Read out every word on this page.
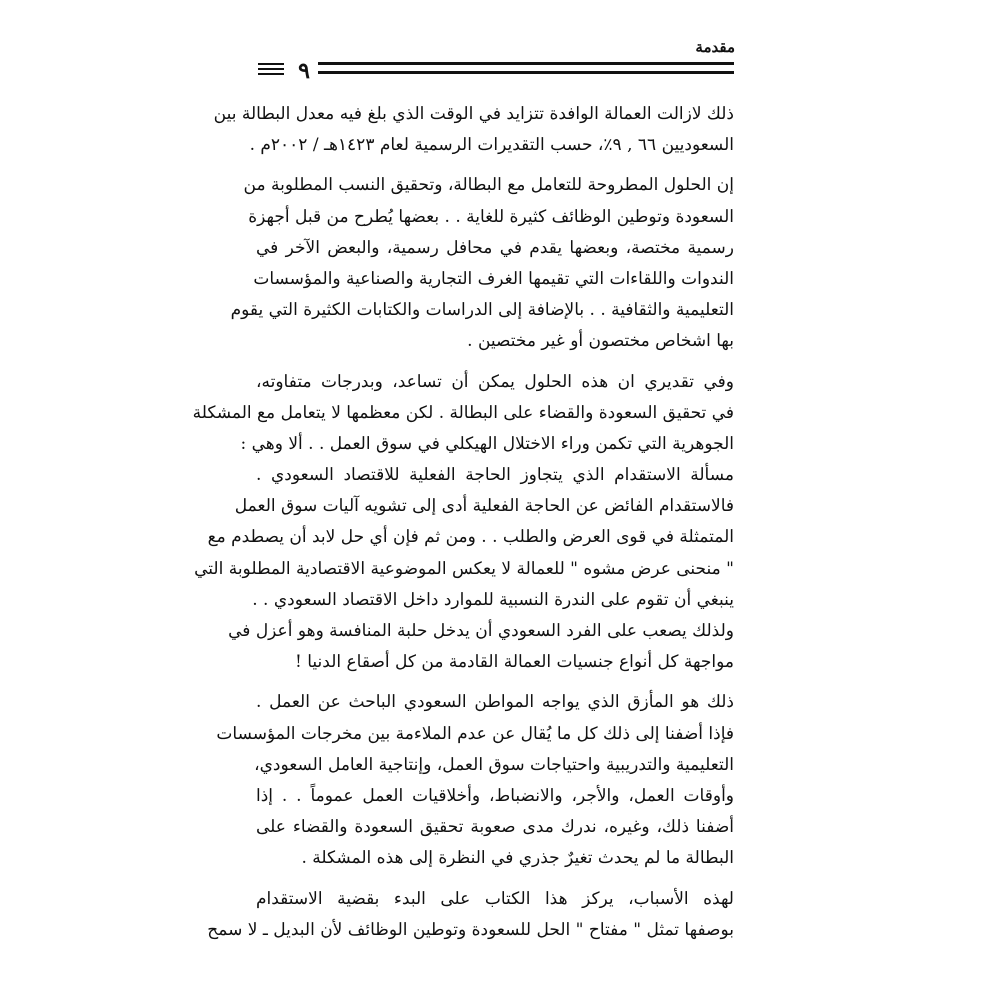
مقدمة
٩

ذلك لازالت العمالة الوافدة تتزايد في الوقت الذي بلغ فيه معدل البطالة بين
السعوديين ٦٦ , ٩٪، حسب التقديرات الرسمية لعام ١٤٢٣هـ / ٢٠٠٢م .

إن الحلول المطروحة للتعامل مع البطالة، وتحقيق النسب المطلوبة من
السعودة وتوطين الوظائف كثيرة للغاية . . بعضها يُطرح من قبل أجهزة
رسمية مختصة، وبعضها يقدم في محافل رسمية، والبعض الآخر في
الندوات واللقاءات التي تقيمها الغرف التجارية والصناعية والمؤسسات
التعليمية والثقافية . . بالإضافة إلى الدراسات والكتابات الكثيرة التي يقوم
بها اشخاص مختصون أو غير مختصين .

وفي تقديري ان هذه الحلول يمكن أن تساعد، وبدرجات متفاوته،
في تحقيق السعودة والقضاء على البطالة . لكن معظمها لا يتعامل مع المشكلة
الجوهرية التي تكمن وراء الاختلال الهيكلي في سوق العمل . . ألا وهي :
مسألة الاستقدام الذي يتجاوز الحاجة الفعلية للاقتصاد السعودي .
فالاستقدام الفائض عن الحاجة الفعلية أدى إلى تشويه آليات سوق العمل
المتمثلة في قوى العرض والطلب . . ومن ثم فإن أي حل لابد أن يصطدم مع
" منحنى عرض مشوه " للعمالة لا يعكس الموضوعية الاقتصادية المطلوبة التي
ينبغي أن تقوم على الندرة النسبية للموارد داخل الاقتصاد السعودي . .
ولذلك يصعب على الفرد السعودي أن يدخل حلبة المنافسة وهو أعزل في
مواجهة كل أنواع جنسيات العمالة القادمة من كل أصقاع الدنيا !

ذلك هو المأزق الذي يواجه المواطن السعودي الباحث عن العمل .
فإذا أضفنا إلى ذلك كل ما يُقال عن عدم الملاءمة بين مخرجات المؤسسات
التعليمية والتدريبية واحتياجات سوق العمل، وإنتاجية العامل السعودي،
وأوقات العمل، والأجر، والانضباط، وأخلاقيات العمل عموماً . . إذا
أضفنا ذلك، وغيره، ندرك مدى صعوبة تحقيق السعودة والقضاء على
البطالة ما لم يحدث تغيرٌ جذري في النظرة إلى هذه المشكلة .

لهذه الأسباب، يركز هذا الكتاب على البدء بقضية الاستقدام
بوصفها تمثل " مفتاح " الحل للسعودة وتوطين الوظائف لأن البديل ـ لا سمح
